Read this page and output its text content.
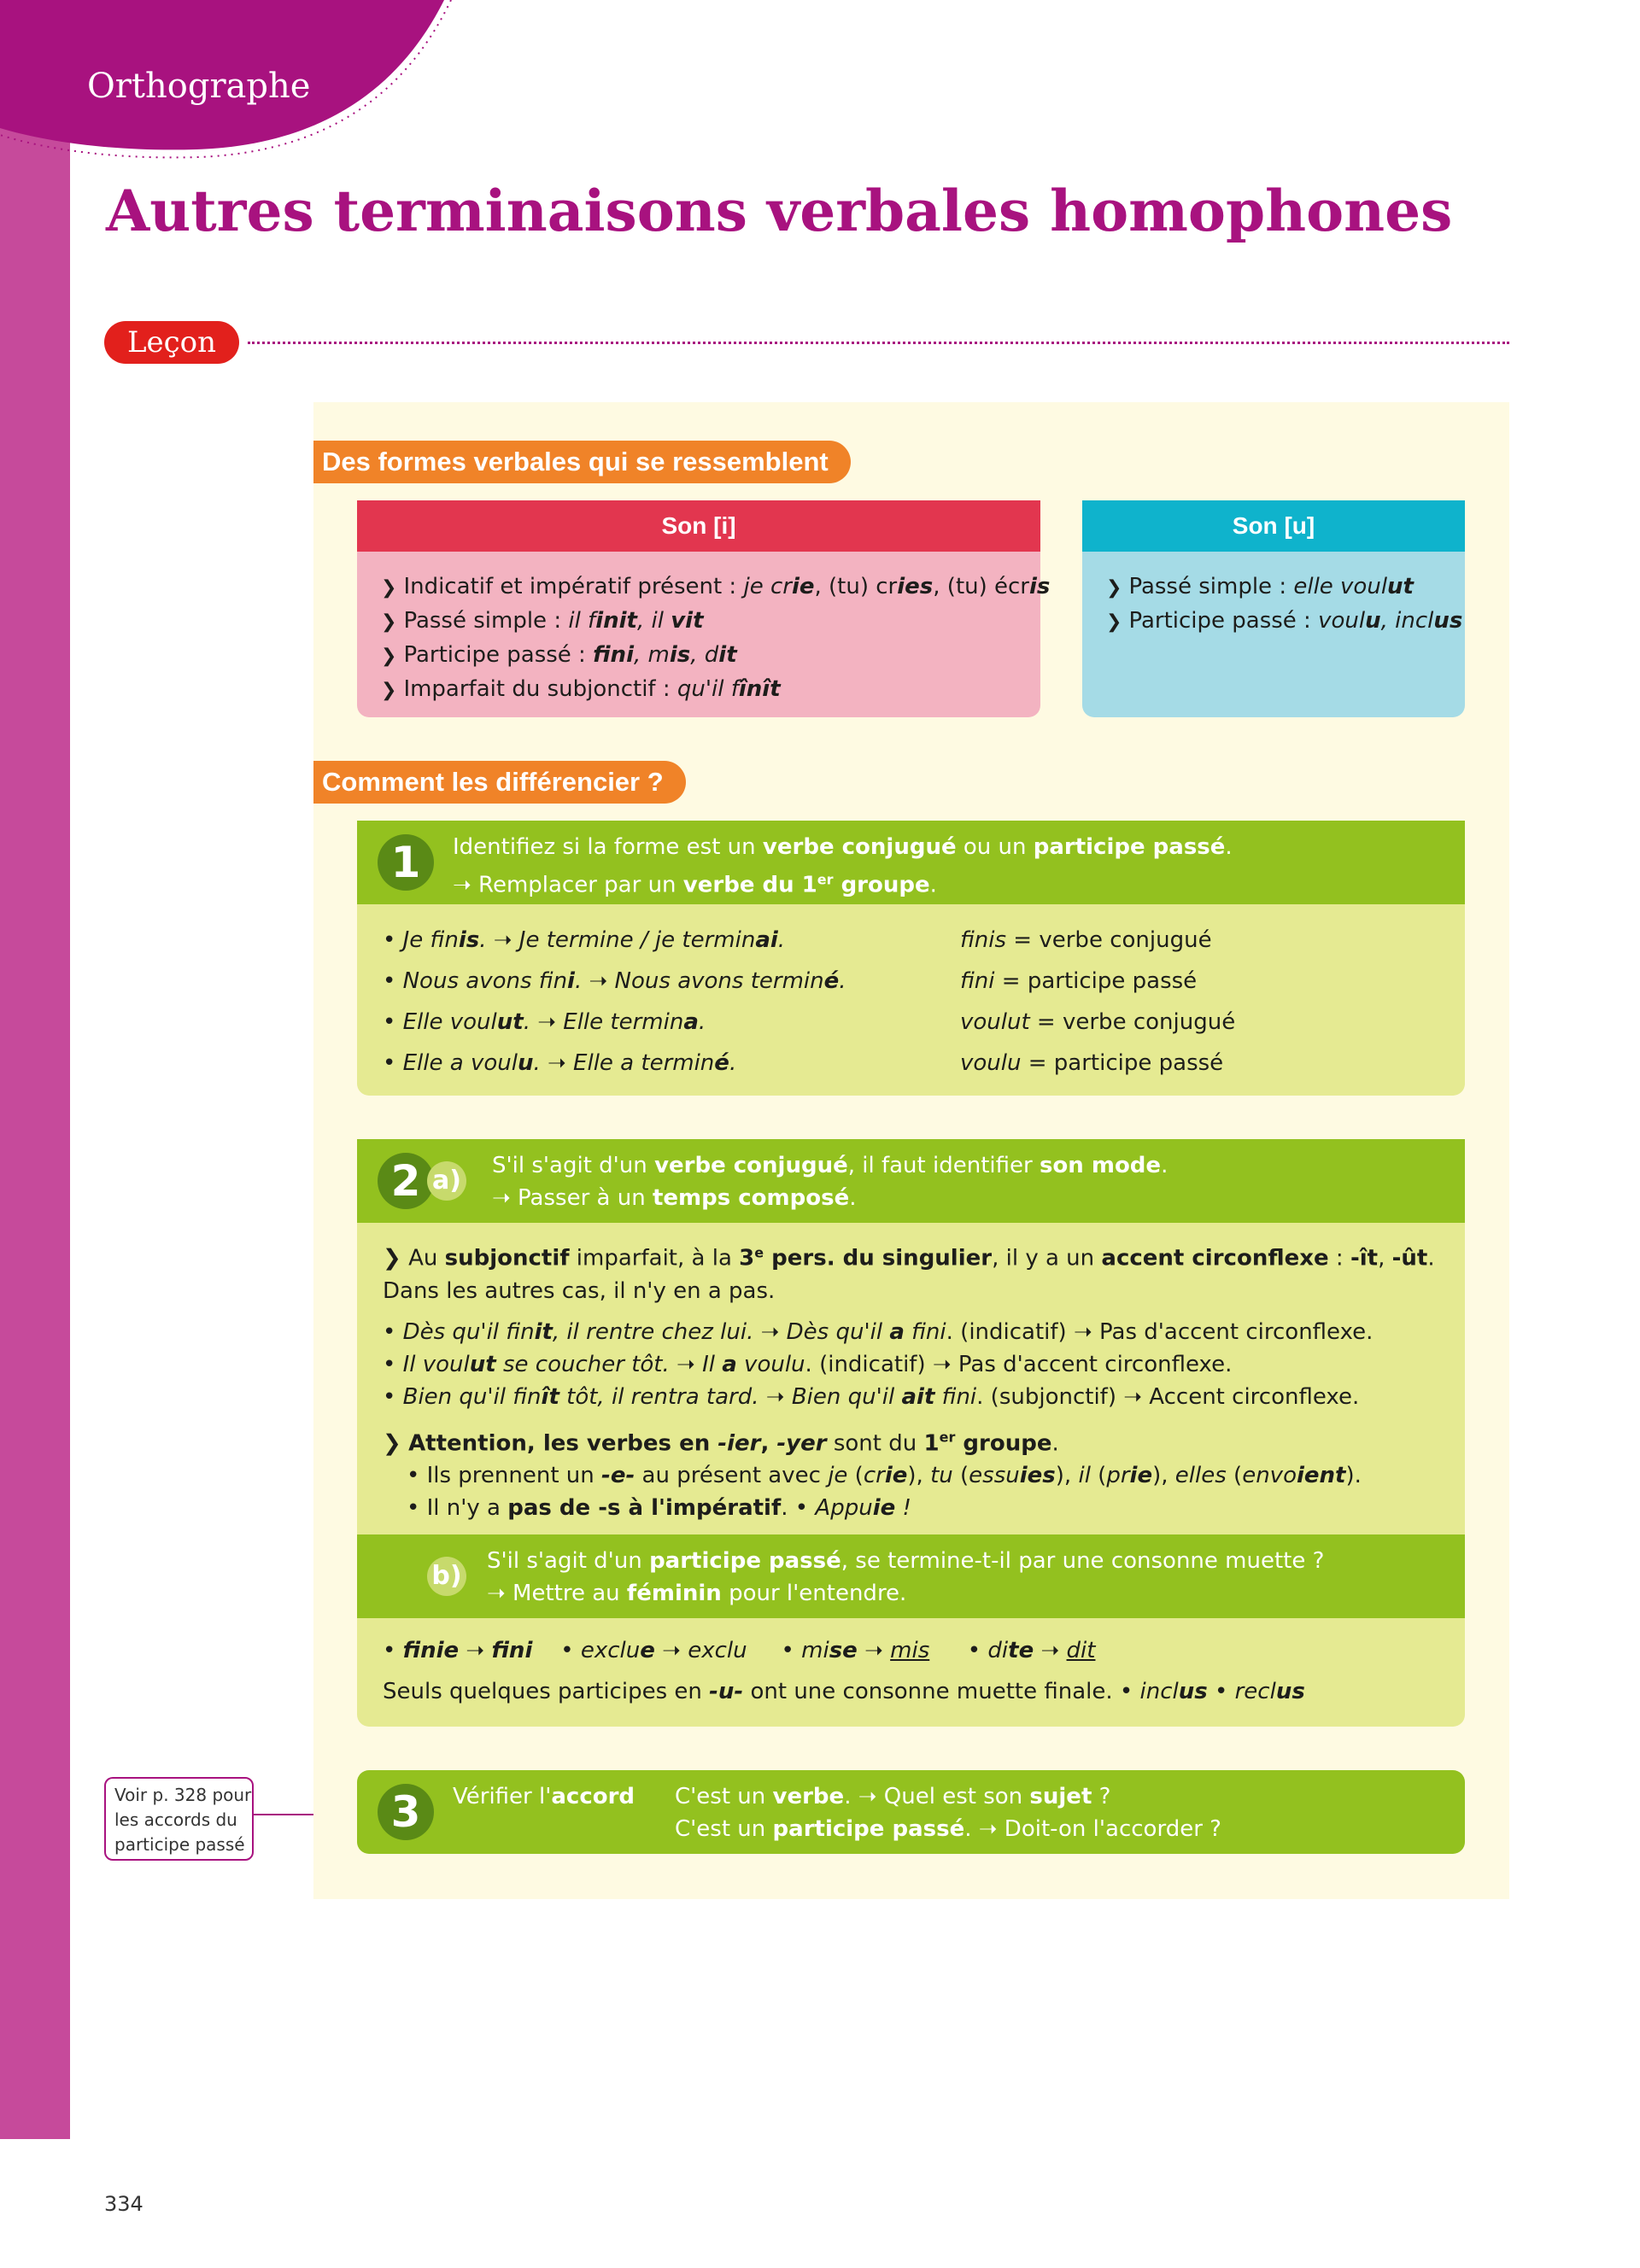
Orthographe
Autres terminaisons verbales homophones
Leçon
Des formes verbales qui se ressemblent
Son [i]
❯ Indicatif et impératif présent : je crie, (tu) cries, (tu) écris
❯ Passé simple : il finit, il vit
❯ Participe passé : fini, mis, dit
❯ Imparfait du subjonctif : qu'il fînît
Son [u]
❯ Passé simple : elle voulut
❯ Participe passé : voulu, inclus
Comment les différencier ?
1	Identifiez si la forme est un verbe conjugué ou un participe passé.
➝ Remplacer par un verbe du 1er groupe.
• Je finis. ➝ Je termine / je terminai.	finis = verbe conjugué
• Nous avons fini. ➝ Nous avons terminé.	fini = participe passé
• Elle voulut. ➝ Elle termina.	voulut = verbe conjugué
• Elle a voulu. ➝ Elle a terminé.	voulu = participe passé
2 a) S'il s'agit d'un verbe conjugué, il faut identifier son mode.
➝ Passer à un temps composé.
❯ Au subjonctif imparfait, à la 3e pers. du singulier, il y a un accent circonflexe : -ît, -ût.
Dans les autres cas, il n'y en a pas.
• Dès qu'il finit, il rentre chez lui. ➝ Dès qu'il a fini. (indicatif) ➝ Pas d'accent circonflexe.
• Il voulut se coucher tôt. ➝ Il a voulu. (indicatif) ➝ Pas d'accent circonflexe.
• Bien qu'il finît tôt, il rentra tard. ➝ Bien qu'il ait fini. (subjonctif) ➝ Accent circonflexe.
❯ Attention, les verbes en -ier, -yer sont du 1er groupe.
• Ils prennent un -e- au présent avec je (crie), tu (essuies), il (prie), elles (envoient).
• Il n'y a pas de -s à l'impératif. • Appuie !
b) S'il s'agit d'un participe passé, se termine-t-il par une consonne muette ?
➝ Mettre au féminin pour l'entendre.
• finie ➝ fini • exclue ➝ exclu • mise ➝ mis • dite ➝ dit
Seuls quelques participes en -u- ont une consonne muette finale. • inclus • reclus
3	Vérifier l'accord C'est un verbe. ➝ Quel est son sujet ?
C'est un participe passé. ➝ Doit-on l'accorder ?
Voir p. 328 pour
les accords du
participe passé
334
